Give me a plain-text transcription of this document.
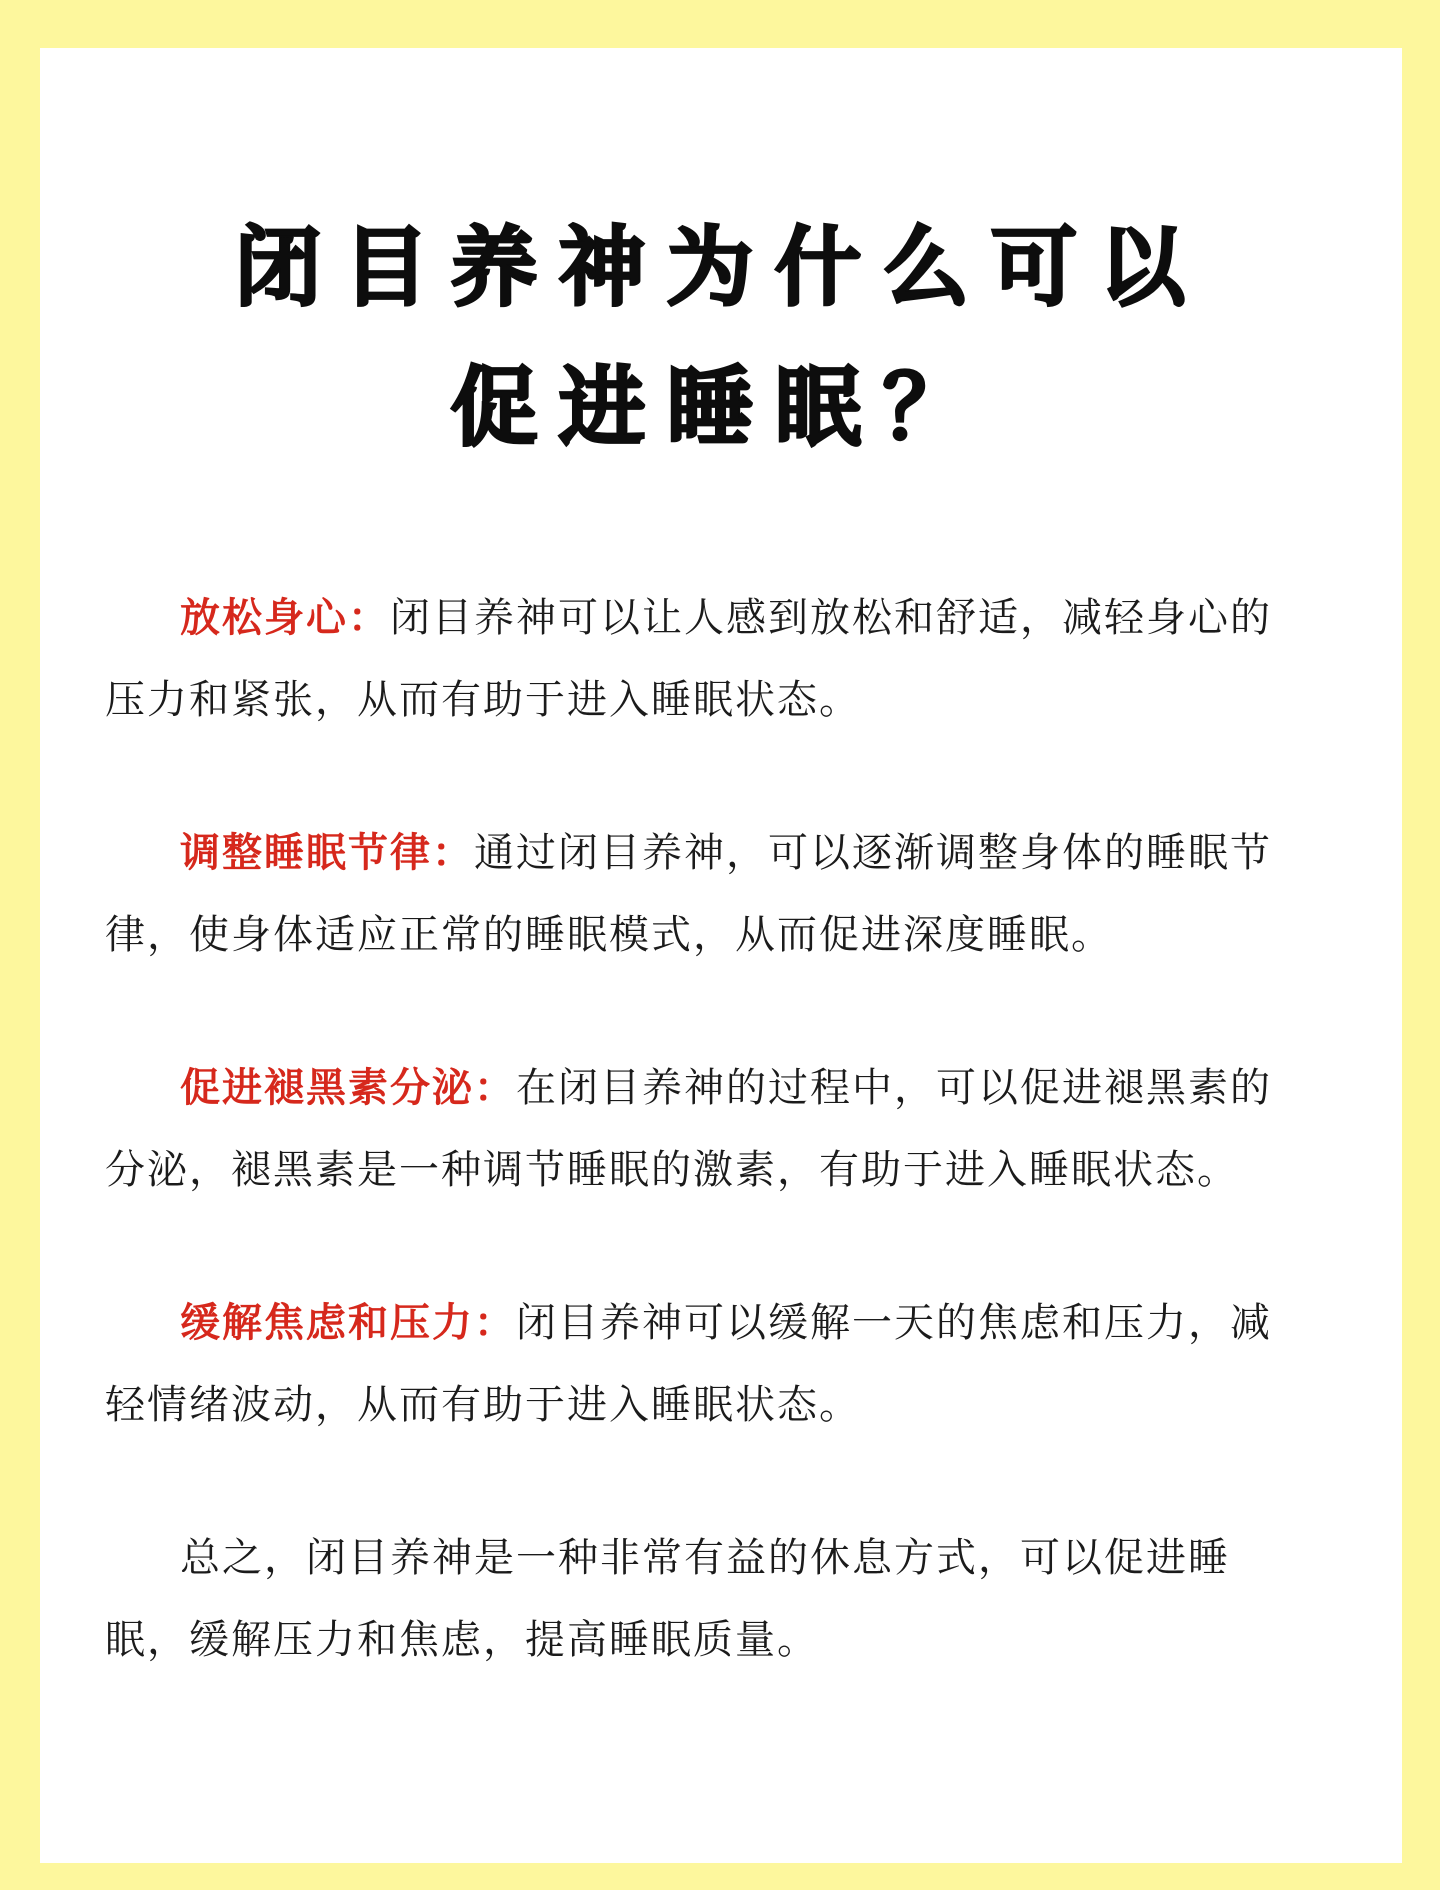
闭目养神为什么可以
促进睡眠？
放松身心：闭目养神可以让人感到放松和舒适，减轻身心的
压力和紧张，从而有助于进入睡眠状态。
调整睡眠节律：通过闭目养神，可以逐渐调整身体的睡眠节
律，使身体适应正常的睡眠模式，从而促进深度睡眠。
促进褪黑素分泌：在闭目养神的过程中，可以促进褪黑素的
分泌，褪黑素是一种调节睡眠的激素，有助于进入睡眠状态。
缓解焦虑和压力：闭目养神可以缓解一天的焦虑和压力，减
轻情绪波动，从而有助于进入睡眠状态。
总之，闭目养神是一种非常有益的休息方式，可以促进睡
眠，缓解压力和焦虑，提高睡眠质量。
